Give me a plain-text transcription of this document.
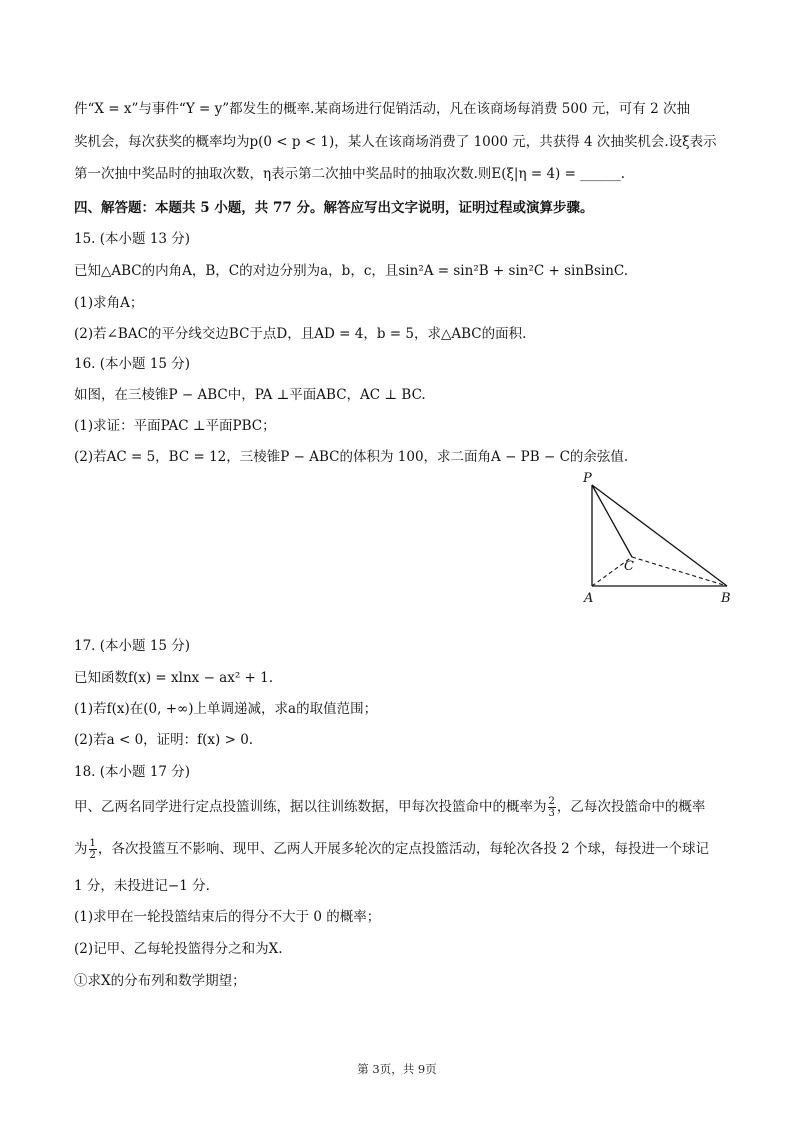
件“X = x”与事件“Y = y”都发生的概率.某商场进行促销活动，凡在该商场每消费 500 元，可有 2 次抽
奖机会，每次获奖的概率均为p(0 < p < 1)，某人在该商场消费了 1000 元，共获得 4 次抽奖机会.设ξ表示
第一次抽中奖品时的抽取次数，η表示第二次抽中奖品时的抽取次数.则E(ξ|η = 4) = ______.
四、解答题：本题共 5 小题，共 77 分。解答应写出文字说明，证明过程或演算步骤。
15. (本小题 13 分)
已知△ABC的内角A，B，C的对边分别为a，b，c，且sin²A = sin²B + sin²C + sinBsinC.
(1)求角A；
(2)若∠BAC的平分线交边BC于点D，且AD = 4，b = 5，求△ABC的面积.
16. (本小题 15 分)
如图，在三棱锥P − ABC中，PA ⊥平面ABC，AC ⊥ BC.
(1)求证：平面PAC ⊥平面PBC；
(2)若AC = 5，BC = 12，三棱锥P − ABC的体积为 100，求二面角A − PB − C的余弦值.
P
C
A	B
17. (本小题 15 分)
已知函数f(x) = xlnx − ax² + 1.
(1)若f(x)在(0, +∞)上单调递减，求a的取值范围；
(2)若a < 0，证明：f(x) > 0.
18. (本小题 17 分)
甲、乙两名同学进行定点投篮训练，据以往训练数据，甲每次投篮命中的概率为 $\frac{2}{3}$ ，乙每次投篮命中的概率
为 $\frac{1}{2}$ ，各次投篮互不影响、现甲、乙两人开展多轮次的定点投篮活动，每轮次各投 2 个球，每投进一个球记
1 分，未投进记−1 分.
(1)求甲在一轮投篮结束后的得分不大于 0 的概率；
(2)记甲、乙每轮投篮得分之和为X.
①求X的分布列和数学期望；
第 3页，共 9页
